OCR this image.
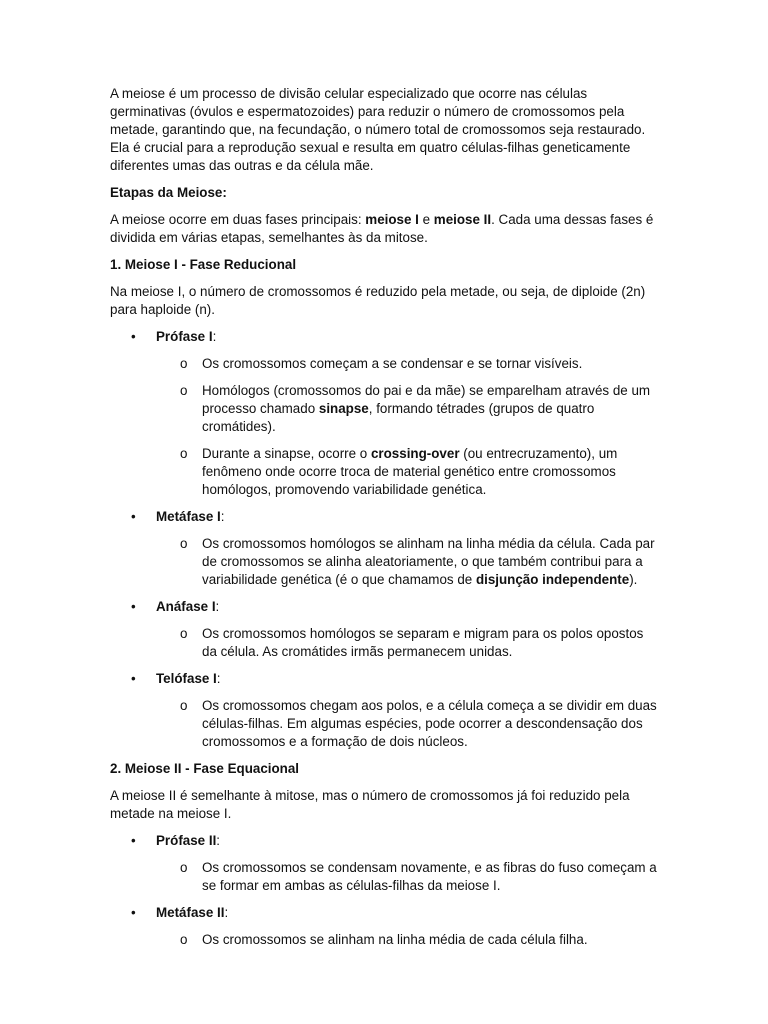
A meiose é um processo de divisão celular especializado que ocorre nas células germinativas (óvulos e espermatozoides) para reduzir o número de cromossomos pela metade, garantindo que, na fecundação, o número total de cromossomos seja restaurado. Ela é crucial para a reprodução sexual e resulta em quatro células-filhas geneticamente diferentes umas das outras e da célula mãe.

Etapas da Meiose:

A meiose ocorre em duas fases principais: meiose I e meiose II. Cada uma dessas fases é dividida em várias etapas, semelhantes às da mitose.

1. Meiose I - Fase Reducional

Na meiose I, o número de cromossomos é reduzido pela metade, ou seja, de diploide (2n) para haploide (n).

• Prófase I:
o Os cromossomos começam a se condensar e se tornar visíveis.
o Homólogos (cromossomos do pai e da mãe) se emparelham através de um processo chamado sinapse, formando tétrades (grupos de quatro cromátides).
o Durante a sinapse, ocorre o crossing-over (ou entrecruzamento), um fenômeno onde ocorre troca de material genético entre cromossomos homólogos, promovendo variabilidade genética.
• Metáfase I:
o Os cromossomos homólogos se alinham na linha média da célula. Cada par de cromossomos se alinha aleatoriamente, o que também contribui para a variabilidade genética (é o que chamamos de disjunção independente).
• Anáfase I:
o Os cromossomos homólogos se separam e migram para os polos opostos da célula. As cromátides irmãs permanecem unidas.
• Telófase I:
o Os cromossomos chegam aos polos, e a célula começa a se dividir em duas células-filhas. Em algumas espécies, pode ocorrer a descondensação dos cromossomos e a formação de dois núcleos.

2. Meiose II - Fase Equacional

A meiose II é semelhante à mitose, mas o número de cromossomos já foi reduzido pela metade na meiose I.

• Prófase II:
o Os cromossomos se condensam novamente, e as fibras do fuso começam a se formar em ambas as células-filhas da meiose I.
• Metáfase II:
o Os cromossomos se alinham na linha média de cada célula filha.
